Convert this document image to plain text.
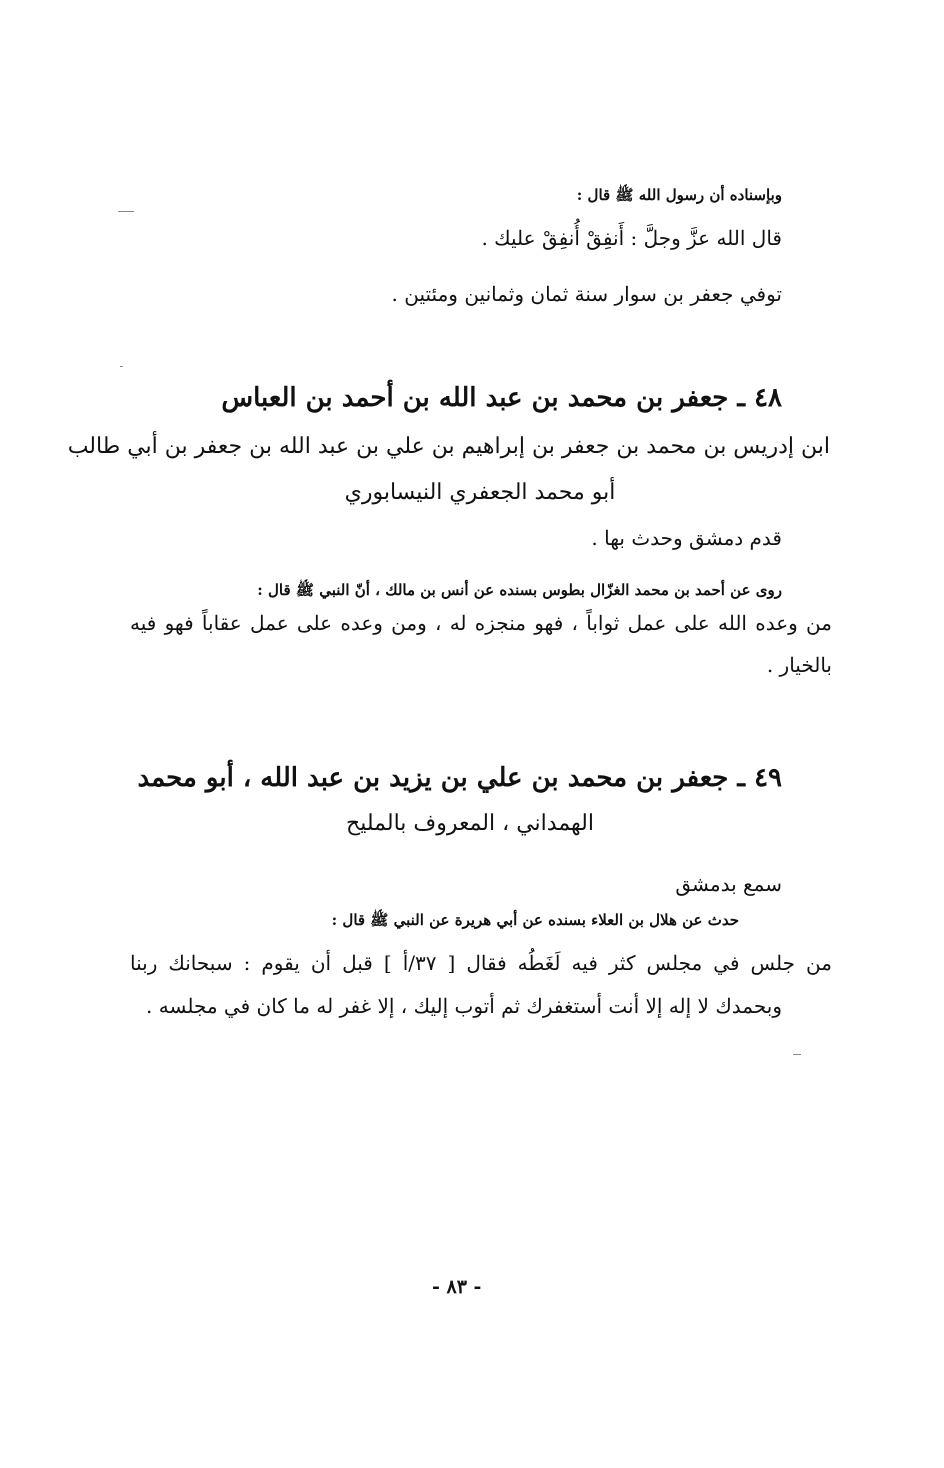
وبإسناده أن رسول الله ﷺ قال :
قال الله عزَّ وجلَّ : أَنفِقْ أُنفِقْ عليك .
توفي جعفر بن سوار سنة ثمان وثمانين ومئتين .
٤٨ ـ جعفر بن محمد بن عبد الله بن أحمد بن العباس
ابن إدريس بن محمد بن جعفر بن إبراهيم بن علي بن عبد الله بن جعفر بن أبي طالب
أبو محمد الجعفري النيسابوري
قدم دمشق وحدث بها .
روى عن أحمد بن محمد الغزّال بطوس بسنده عن أنس بن مالك ، أنّ النبي ﷺ قال :
من وعده الله على عمل ثواباً ، فهو منجزه له ، ومن وعده على عمل عقاباً فهو فيه
بالخيار .
٤٩ ـ جعفر بن محمد بن علي بن يزيد بن عبد الله ، أبو محمد
الهمداني ، المعروف بالمليح
سمع بدمشق
حدث عن هلال بن العلاء بسنده عن أبي هريرة عن النبي ﷺ قال :
من جلس في مجلس كثر فيه لَغَطُه فقال [ ٣٧/أ ] قبل أن يقوم : سبحانك ربنا
وبحمدك لا إله إلا أنت أستغفرك ثم أتوب إليك ، إلا غفر له ما كان في مجلسه .
- ٨٣ -
